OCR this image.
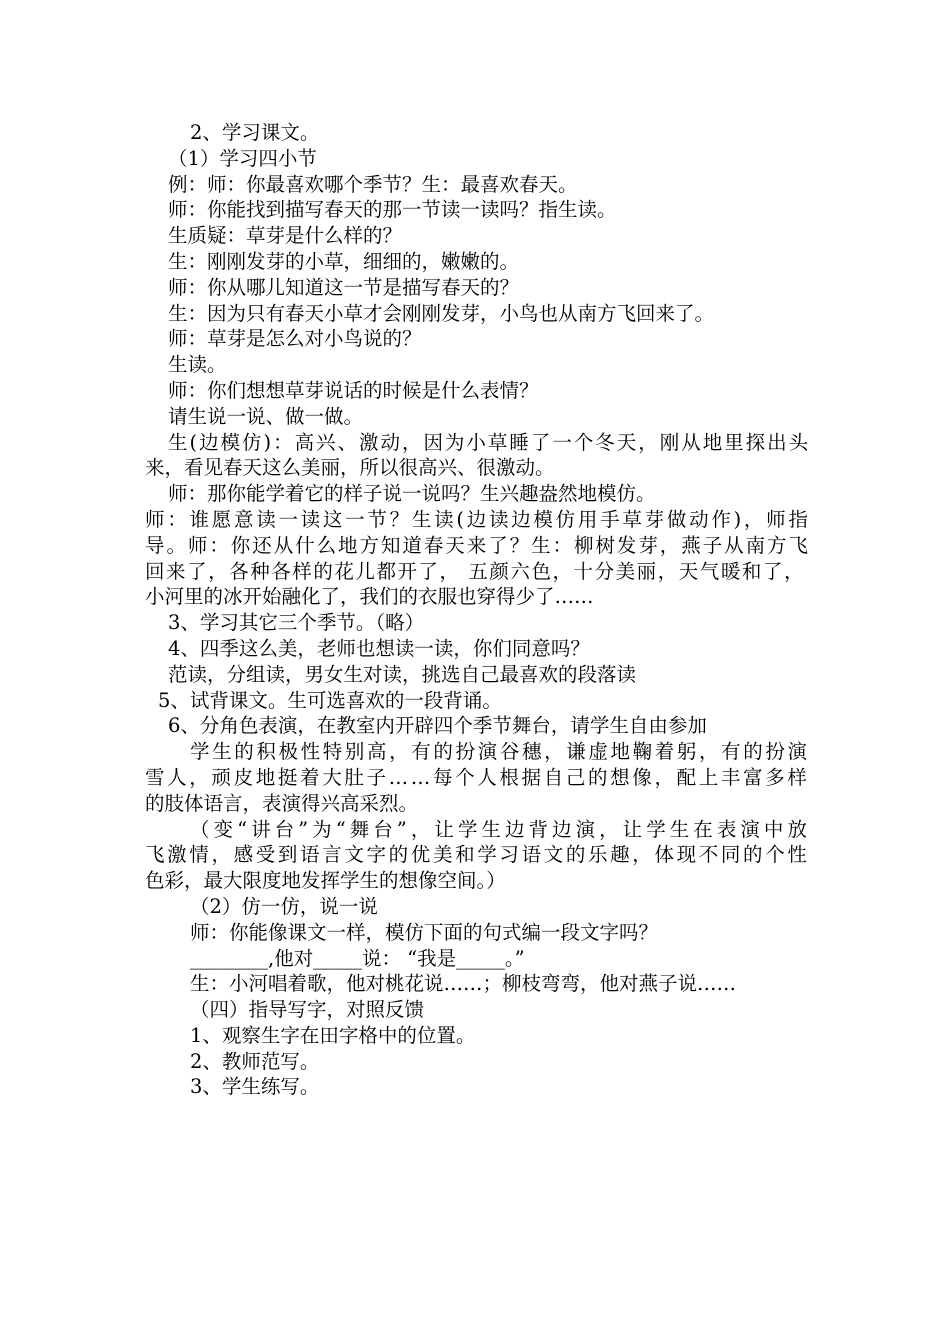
2、学习课文。
（1）学习四小节
例：师：你最喜欢哪个季节？生：最喜欢春天。
师：你能找到描写春天的那一节读一读吗？指生读。
生质疑：草芽是什么样的？
生：刚刚发芽的小草，细细的，嫩嫩的。
师：你从哪儿知道这一节是描写春天的？
生：因为只有春天小草才会刚刚发芽，小鸟也从南方飞回来了。
师：草芽是怎么对小鸟说的？
生读。
师：你们想想草芽说话的时候是什么表情？
请生说一说、做一做。
生(边模仿)：高兴、激动，因为小草睡了一个冬天，刚从地里探出头
来，看见春天这么美丽，所以很高兴、很激动。
师：那你能学着它的样子说一说吗？生兴趣盎然地模仿。
师：谁愿意读一读这一节？生读(边读边模仿用手草芽做动作)，师指
导。师：你还从什么地方知道春天来了？生：柳树发芽，燕子从南方飞
回来了，各种各样的花儿都开了， 五颜六色，十分美丽，天气暖和了，
小河里的冰开始融化了，我们的衣服也穿得少了……
3、学习其它三个季节。（略）
4、四季这么美，老师也想读一读，你们同意吗？
范读，分组读，男女生对读，挑选自己最喜欢的段落读
5、试背课文。生可选喜欢的一段背诵。
6、分角色表演，在教室内开辟四个季节舞台，请学生自由参加
学生的积极性特别高，有的扮演谷穗，谦虚地鞠着躬，有的扮演
雪人，顽皮地挺着大肚子……每个人根据自己的想像，配上丰富多样
的肢体语言，表演得兴高采烈。
（变“讲台”为“舞台”，让学生边背边演，让学生在表演中放
飞激情，感受到语言文字的优美和学习语文的乐趣，体现不同的个性
色彩，最大限度地发挥学生的想像空间。）
（2）仿一仿，说一说
师：你能像课文一样，模仿下面的句式编一段文字吗？
________,他对_____说： “我是_____。”
生：小河唱着歌，他对桃花说……；柳枝弯弯，他对燕子说……
（四）指导写字，对照反馈
1、观察生字在田字格中的位置。
2、教师范写。
3、学生练写。
